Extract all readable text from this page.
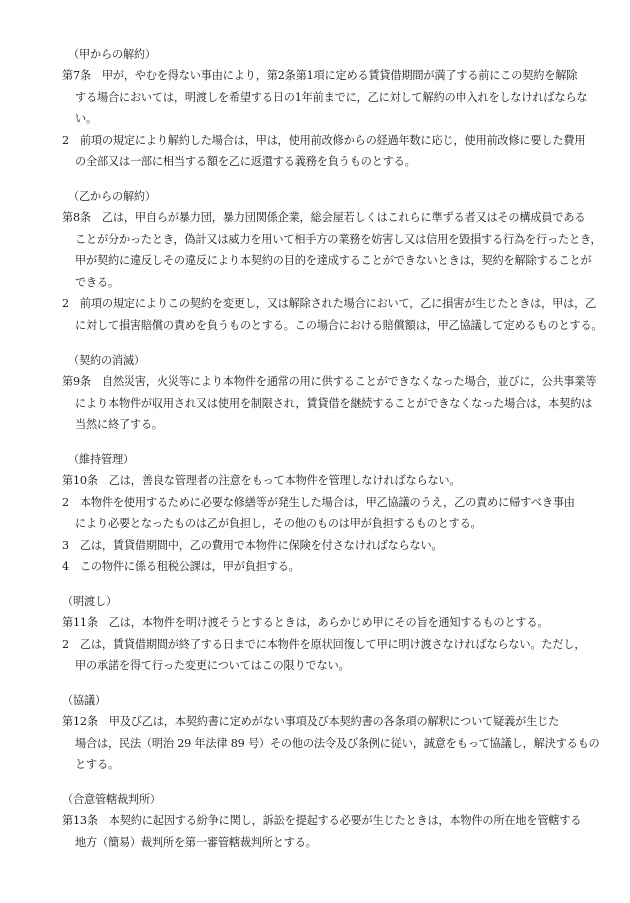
（甲からの解約）
第7条　甲が，やむを得ない事由により，第2条第1項に定める賃貸借期間が満了する前にこの契約を解除
する場合においては，明渡しを希望する日の1年前までに，乙に対して解約の申入れをしなければならな
い。
2　前項の規定により解約した場合は，甲は，使用前改修からの経過年数に応じ，使用前改修に要した費用
の全部又は一部に相当する額を乙に返還する義務を負うものとする。
（乙からの解約）
第8条　乙は，甲自らが暴力団，暴力団関係企業，総会屋若しくはこれらに準ずる者又はその構成員である
ことが分かったとき，偽計又は威力を用いて相手方の業務を妨害し又は信用を毀損する行為を行ったとき，
甲が契約に違反しその違反により本契約の目的を達成することができないときは，契約を解除することが
できる。
2　前項の規定によりこの契約を変更し，又は解除された場合において，乙に損害が生じたときは，甲は，乙
に対して損害賠償の責めを負うものとする。この場合における賠償額は，甲乙協議して定めるものとする。
（契約の消滅）
第9条　自然災害，火災等により本物件を通常の用に供することができなくなった場合，並びに，公共事業等
により本物件が収用され又は使用を制限され，賃貸借を継続することができなくなった場合は，本契約は
当然に終了する。
（維持管理）
第10条　乙は，善良な管理者の注意をもって本物件を管理しなければならない。
2　本物件を使用するために必要な修繕等が発生した場合は，甲乙協議のうえ，乙の責めに帰すべき事由
により必要となったものは乙が負担し，その他のものは甲が負担するものとする。
3　乙は，賃貸借期間中，乙の費用で本物件に保険を付さなければならない。
4　この物件に係る租税公課は，甲が負担する。
（明渡し）
第11条　乙は，本物件を明け渡そうとするときは，あらかじめ甲にその旨を通知するものとする。
2　乙は，賃貸借期間が終了する日までに本物件を原状回復して甲に明け渡さなければならない。ただし，
甲の承諾を得て行った変更についてはこの限りでない。
（協議）
第12条　甲及び乙は，本契約書に定めがない事項及び本契約書の各条項の解釈について疑義が生じた
場合は，民法（明治 29 年法律 89 号）その他の法令及び条例に従い，誠意をもって協議し，解決するもの
とする。
（合意管轄裁判所）
第13条　本契約に起因する紛争に関し，訴訟を提起する必要が生じたときは，本物件の所在地を管轄する
地方（簡易）裁判所を第一審管轄裁判所とする。
